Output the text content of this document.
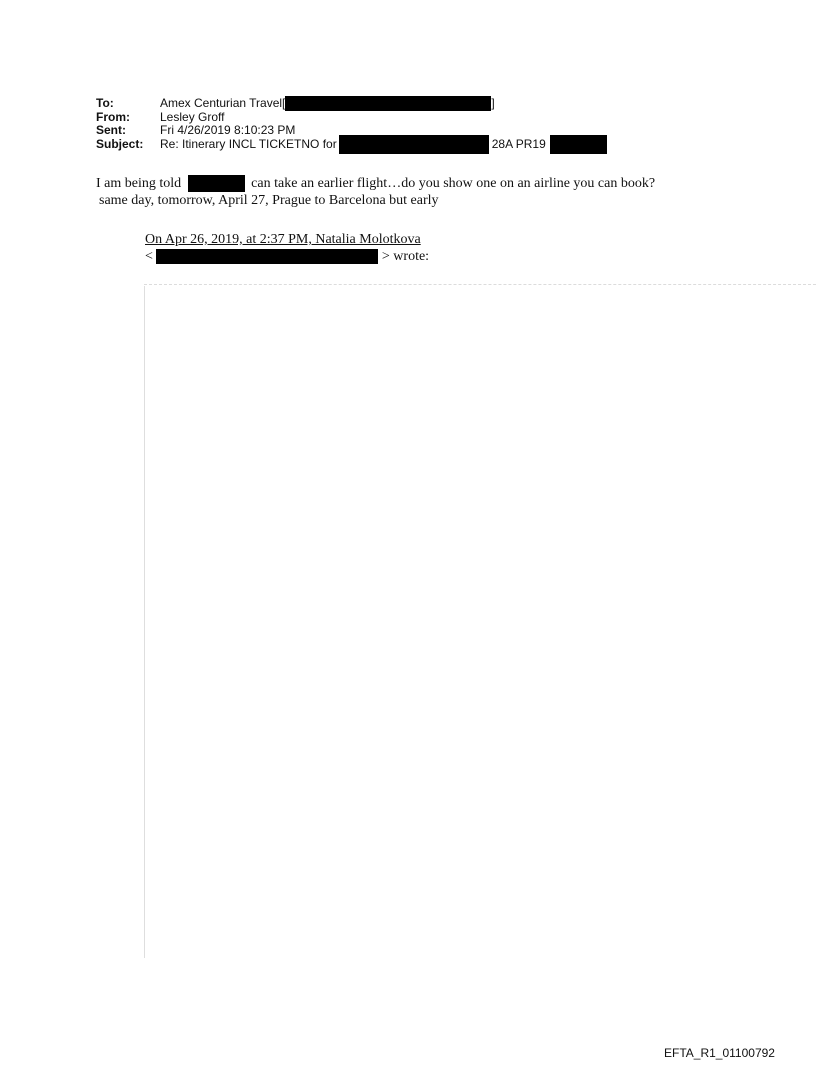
To:	Amex Centurian Travel[	]
From:	Lesley Groff
Sent:	Fri 4/26/2019 8:10:23 PM
Subject:	Re: Itinerary INCL TICKETNO for	28A PR19
I am being told	can take an earlier flight…do you show one on an airline you can book?
same day, tomorrow, April 27, Prague to Barcelona but early
On Apr 26, 2019, at 2:37 PM, Natalia Molotkova
<	> wrote:

EFTA_R1_01100792
